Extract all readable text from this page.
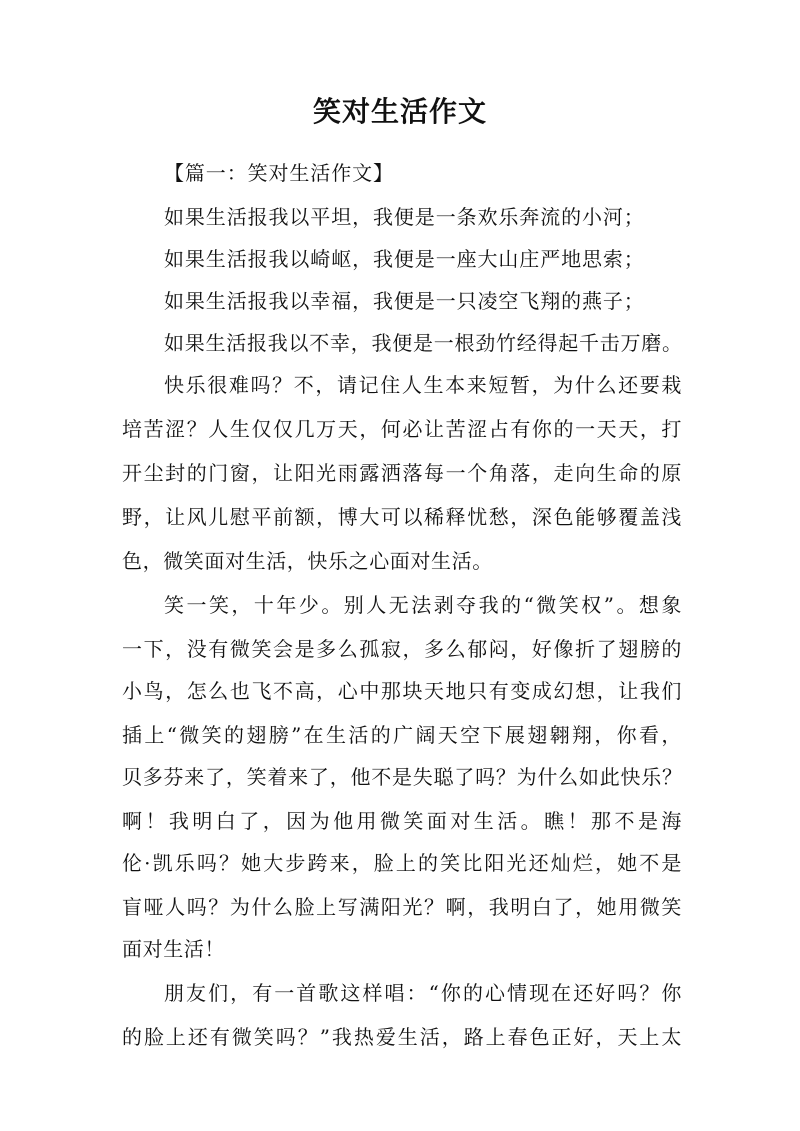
笑对生活作文
【篇一：笑对生活作文】
如果生活报我以平坦，我便是一条欢乐奔流的小河；
如果生活报我以崎岖，我便是一座大山庄严地思索；
如果生活报我以幸福，我便是一只凌空飞翔的燕子；
如果生活报我以不幸，我便是一根劲竹经得起千击万磨。
快乐很难吗？不，请记住人生本来短暂，为什么还要栽
培苦涩？人生仅仅几万天，何必让苦涩占有你的一天天，打
开尘封的门窗，让阳光雨露洒落每一个角落，走向生命的原
野，让风儿慰平前额，博大可以稀释忧愁，深色能够覆盖浅
色，微笑面对生活，快乐之心面对生活。
笑一笑，十年少。别人无法剥夺我的“微笑权”。想象
一下，没有微笑会是多么孤寂，多么郁闷，好像折了翅膀的
小鸟，怎么也飞不高，心中那块天地只有变成幻想，让我们
插上“微笑的翅膀”在生活的广阔天空下展翅翱翔，你看，
贝多芬来了，笑着来了，他不是失聪了吗？为什么如此快乐？
啊！我明白了，因为他用微笑面对生活。瞧！那不是海
伦·凯乐吗？她大步跨来，脸上的笑比阳光还灿烂，她不是
盲哑人吗？为什么脸上写满阳光？啊，我明白了，她用微笑
面对生活！
朋友们，有一首歌这样唱：“你的心情现在还好吗？你
的脸上还有微笑吗？”我热爱生活，路上春色正好，天上太
